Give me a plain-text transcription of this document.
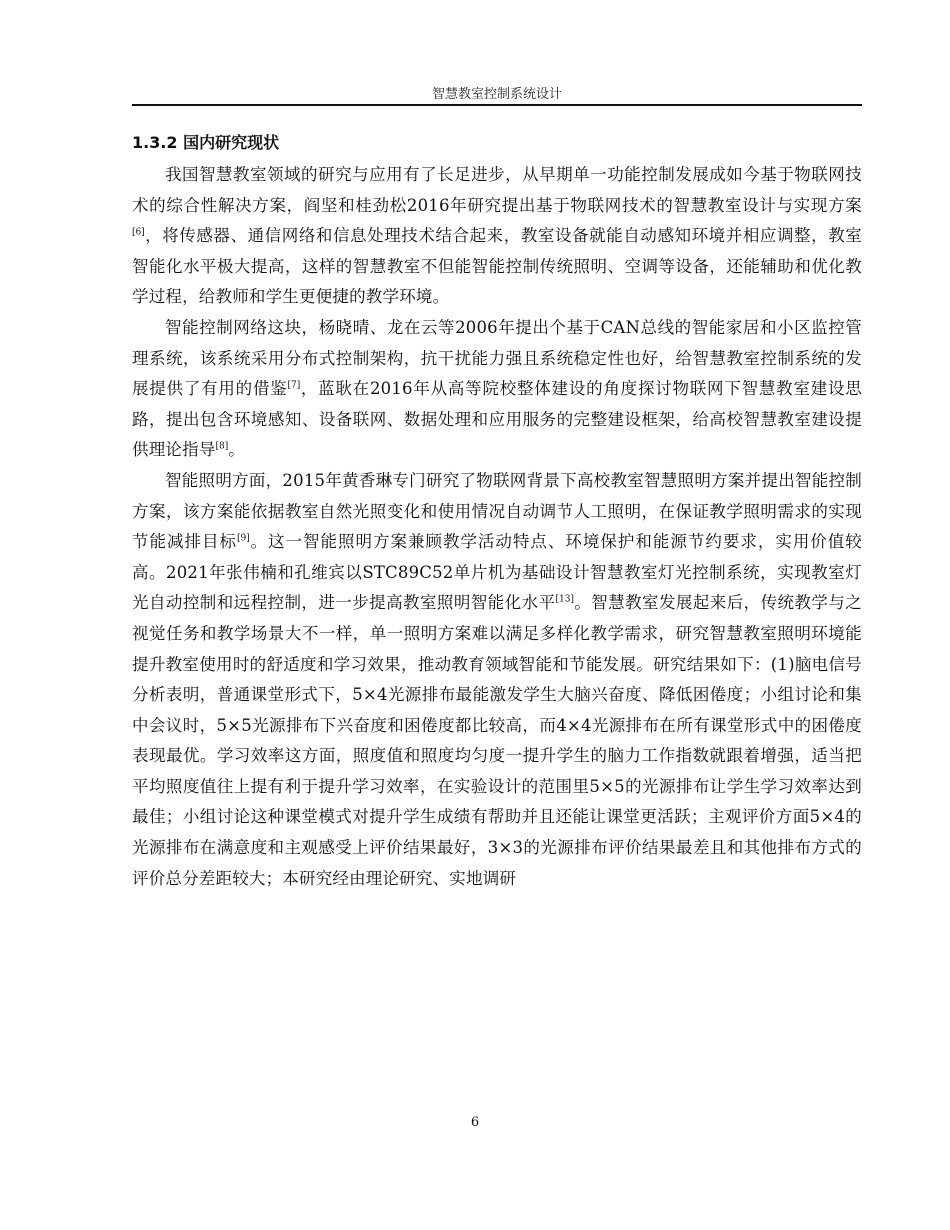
智慧教室控制系统设计
1.3.2 国内研究现状

我国智慧教室领域的研究与应用有了长足进步，从早期单一功能控制发展成如今基于物联网技术的综合性解决方案，阎坚和桂劲松2016年研究提出基于物联网技术的智慧教室设计与实现方案[6]，将传感器、通信网络和信息处理技术结合起来，教室设备就能自动感知环境并相应调整，教室智能化水平极大提高，这样的智慧教室不但能智能控制传统照明、空调等设备，还能辅助和优化教学过程，给教师和学生更便捷的教学环境。

智能控制网络这块，杨晓晴、龙在云等2006年提出个基于CAN总线的智能家居和小区监控管理系统，该系统采用分布式控制架构，抗干扰能力强且系统稳定性也好，给智慧教室控制系统的发展提供了有用的借鉴[7]，蓝耿在2016年从高等院校整体建设的角度探讨物联网下智慧教室建设思路，提出包含环境感知、设备联网、数据处理和应用服务的完整建设框架，给高校智慧教室建设提供理论指导[8]。

智能照明方面，2015年黄香琳专门研究了物联网背景下高校教室智慧照明方案并提出智能控制方案，该方案能依据教室自然光照变化和使用情况自动调节人工照明，在保证教学照明需求的实现节能减排目标[9]。这一智能照明方案兼顾教学活动特点、环境保护和能源节约要求，实用价值较高。2021年张伟楠和孔维宾以STC89C52单片机为基础设计智慧教室灯光控制系统，实现教室灯光自动控制和远程控制，进一步提高教室照明智能化水平[13]。智慧教室发展起来后，传统教学与之视觉任务和教学场景大不一样，单一照明方案难以满足多样化教学需求，研究智慧教室照明环境能提升教室使用时的舒适度和学习效果，推动教育领域智能和节能发展。研究结果如下：(1)脑电信号分析表明，普通课堂形式下，5×4光源排布最能激发学生大脑兴奋度、降低困倦度；小组讨论和集中会议时，5×5光源排布下兴奋度和困倦度都比较高，而4×4光源排布在所有课堂形式中的困倦度表现最优。学习效率这方面，照度值和照度均匀度一提升学生的脑力工作指数就跟着增强，适当把平均照度值往上提有利于提升学习效率，在实验设计的范围里5×5的光源排布让学生学习效率达到最佳；小组讨论这种课堂模式对提升学生成绩有帮助并且还能让课堂更活跃；主观评价方面5×4的光源排布在满意度和主观感受上评价结果最好，3×3的光源排布评价结果最差且和其他排布方式的评价总分差距较大；本研究经由理论研究、实地调研

6
